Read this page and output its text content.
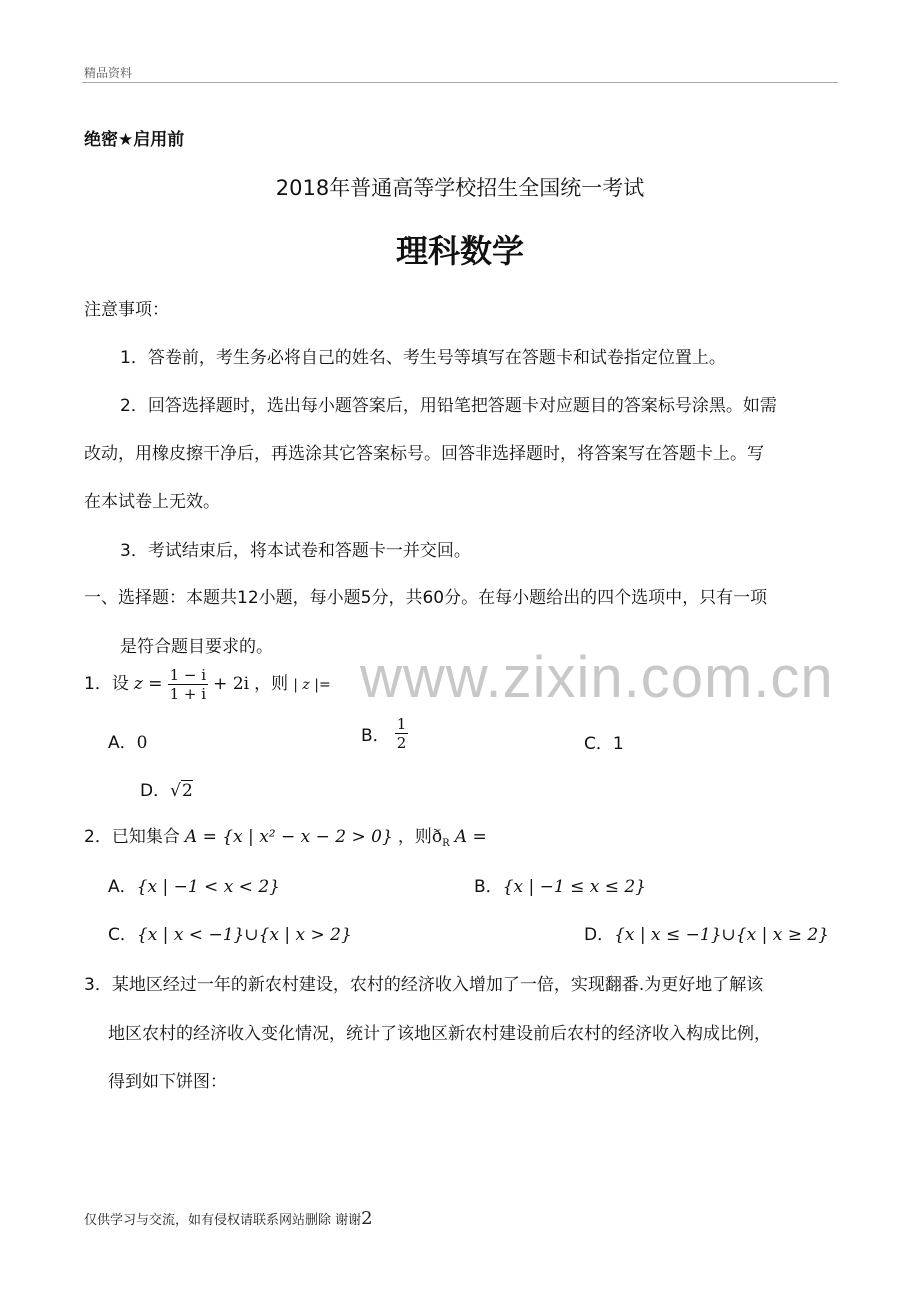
精品资料
绝密★启用前
2018年普通高等学校招生全国统一考试
理科数学
注意事项：
1．答卷前，考生务必将自己的姓名、考生号等填写在答题卡和试卷指定位置上。
2．回答选择题时，选出每小题答案后，用铅笔把答题卡对应题目的答案标号涂黑。如需
改动，用橡皮擦干净后，再选涂其它答案标号。回答非选择题时，将答案写在答题卡上。写
在本试卷上无效。
3．考试结束后，将本试卷和答题卡一并交回。
一、选择题：本题共12小题，每小题5分，共60分。在每小题给出的四个选项中，只有一项
是符合题目要求的。 www.zixin.com.cn
1．设 $z = \frac{1 - i}{1 + i} + 2i$ ，则 | z |=
A．0	B． $\frac{1}{2}$	C．1
D．√2
2．已知集合 A = {x | x² − x − 2 > 0} ，则$ð_R$ A =
A．{x | −1 < x < 2}	B．{x | −1 ≤ x ≤ 2}
C．{x | x < −1}∪{x | x > 2}	D．{x | x ≤ −1}∪{x | x ≥ 2}
3．某地区经过一年的新农村建设，农村的经济收入增加了一倍，实现翻番.为更好地了解该
地区农村的经济收入变化情况，统计了该地区新农村建设前后农村的经济收入构成比例，
得到如下饼图：
仅供学习与交流，如有侵权请联系网站删除 谢谢2
